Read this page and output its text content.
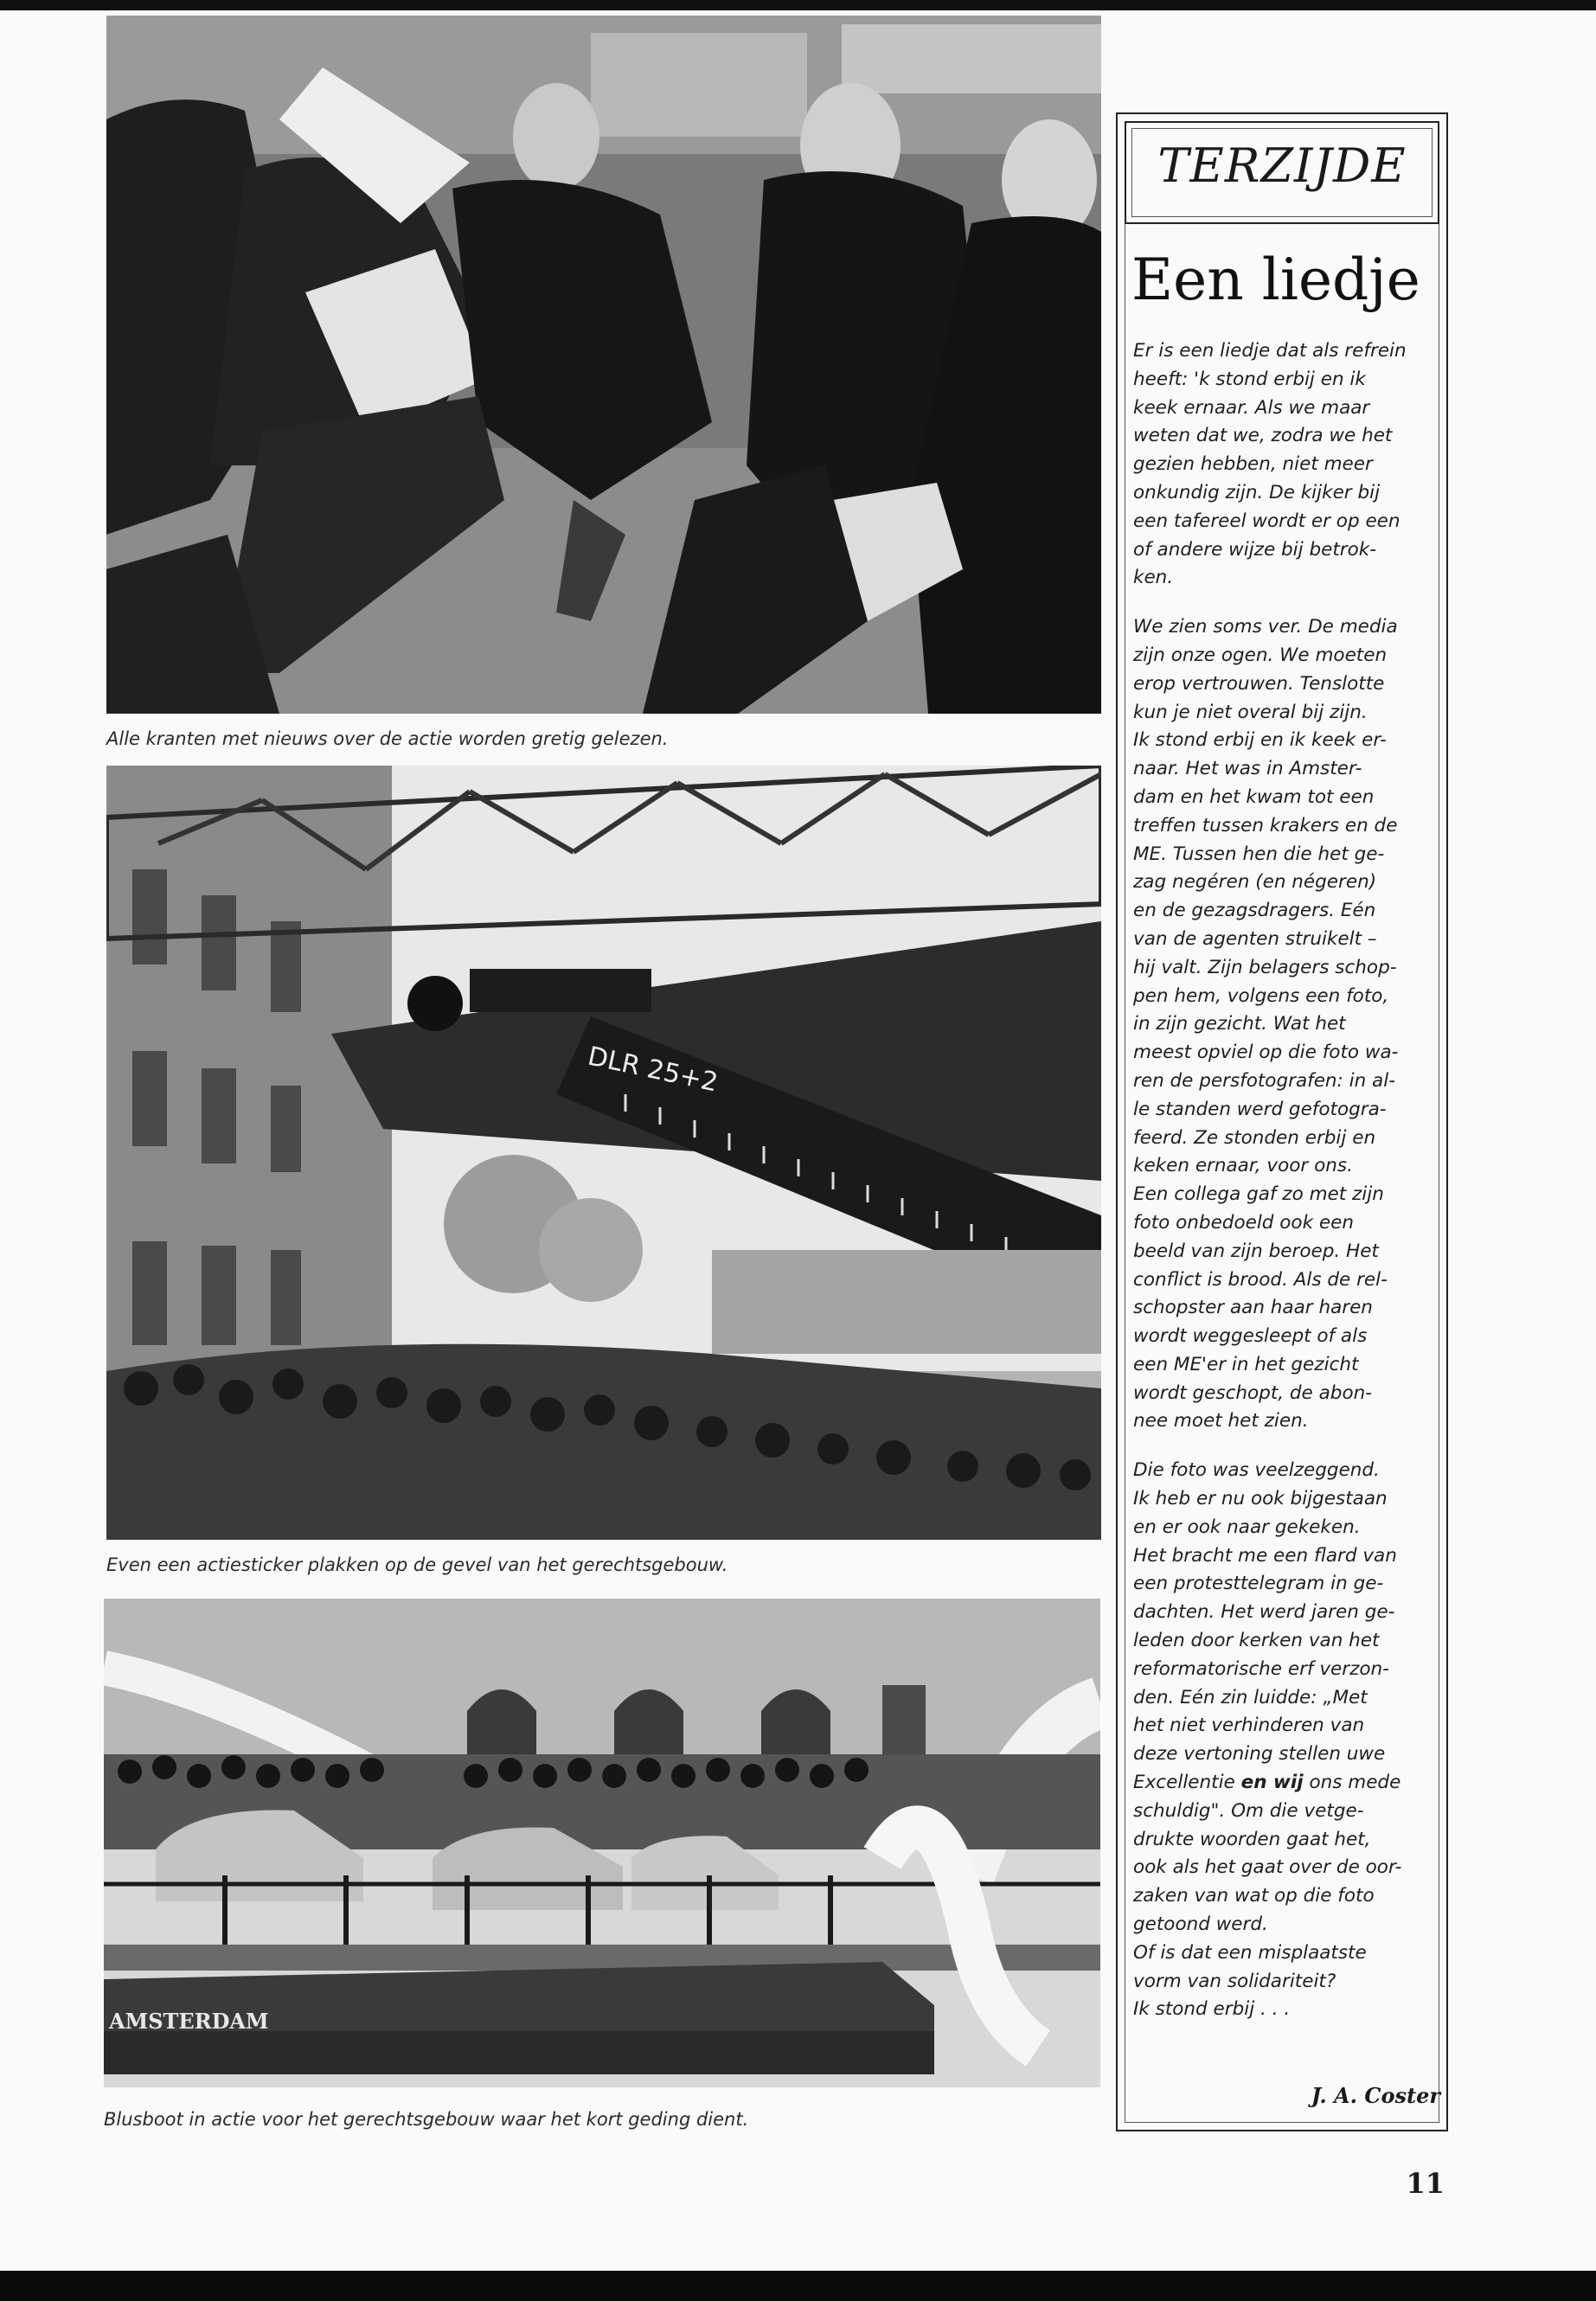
Alle kranten met nieuws over de actie worden gretig gelezen.
DLR 25+2
Even een actiesticker plakken op de gevel van het gerechtsgebouw.
AMSTERDAM
Blusboot in actie voor het gerechtsgebouw waar het kort geding dient.
TERZIJDE
Een liedje

Er is een liedje dat als refrein
heeft: 'k stond erbij en ik
keek ernaar. Als we maar
weten dat we, zodra we het
gezien hebben, niet meer
onkundig zijn. De kijker bij
een tafereel wordt er op een
of andere wijze bij betrok-
ken.

We zien soms ver. De media
zijn onze ogen. We moeten
erop vertrouwen. Tenslotte
kun je niet overal bij zijn.
Ik stond erbij en ik keek er-
naar. Het was in Amster-
dam en het kwam tot een
treffen tussen krakers en de
ME. Tussen hen die het ge-
zag negéren (en négeren)
en de gezagsdragers. Eén
van de agenten struikelt –
hij valt. Zijn belagers schop-
pen hem, volgens een foto,
in zijn gezicht. Wat het
meest opviel op die foto wa-
ren de persfotografen: in al-
le standen werd gefotogra-
feerd. Ze stonden erbij en
keken ernaar, voor ons.
Een collega gaf zo met zijn
foto onbedoeld ook een
beeld van zijn beroep. Het
conflict is brood. Als de rel-
schopster aan haar haren
wordt weggesleept of als
een ME'er in het gezicht
wordt geschopt, de abon-
nee moet het zien.

Die foto was veelzeggend.
Ik heb er nu ook bijgestaan
en er ook naar gekeken.
Het bracht me een flard van
een protesttelegram in ge-
dachten. Het werd jaren ge-
leden door kerken van het
reformatorische erf verzon-
den. Eén zin luidde: „Met
het niet verhinderen van
deze vertoning stellen uwe
Excellentie en wij ons mede
schuldig". Om die vetge-
drukte woorden gaat het,
ook als het gaat over de oor-
zaken van wat op die foto
getoond werd.
Of is dat een misplaatste
vorm van solidariteit?
Ik stond erbij . . .

J. A. Coster
11
